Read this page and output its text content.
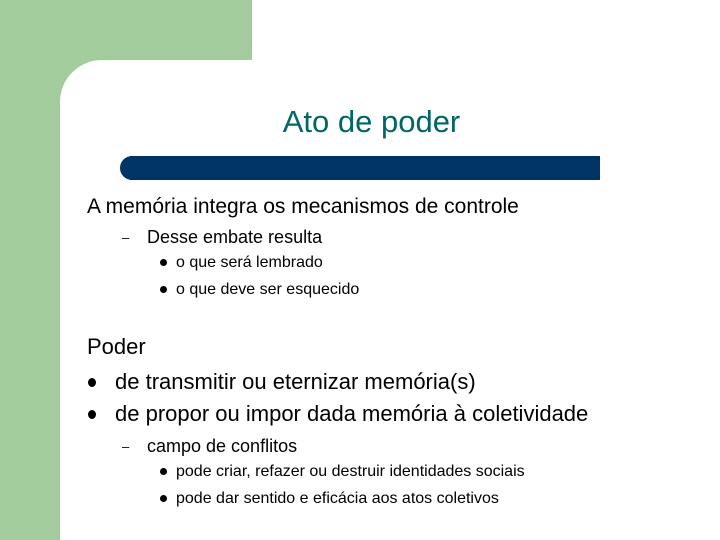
Ato de poder
A memória integra os mecanismos de controle
– Desse embate resulta
o que será lembrado
o que deve ser esquecido
Poder
de transmitir ou eternizar memória(s)
de propor ou impor dada memória à coletividade
– campo de conflitos
pode criar, refazer ou destruir identidades sociais
pode dar sentido e eficácia aos atos coletivos
